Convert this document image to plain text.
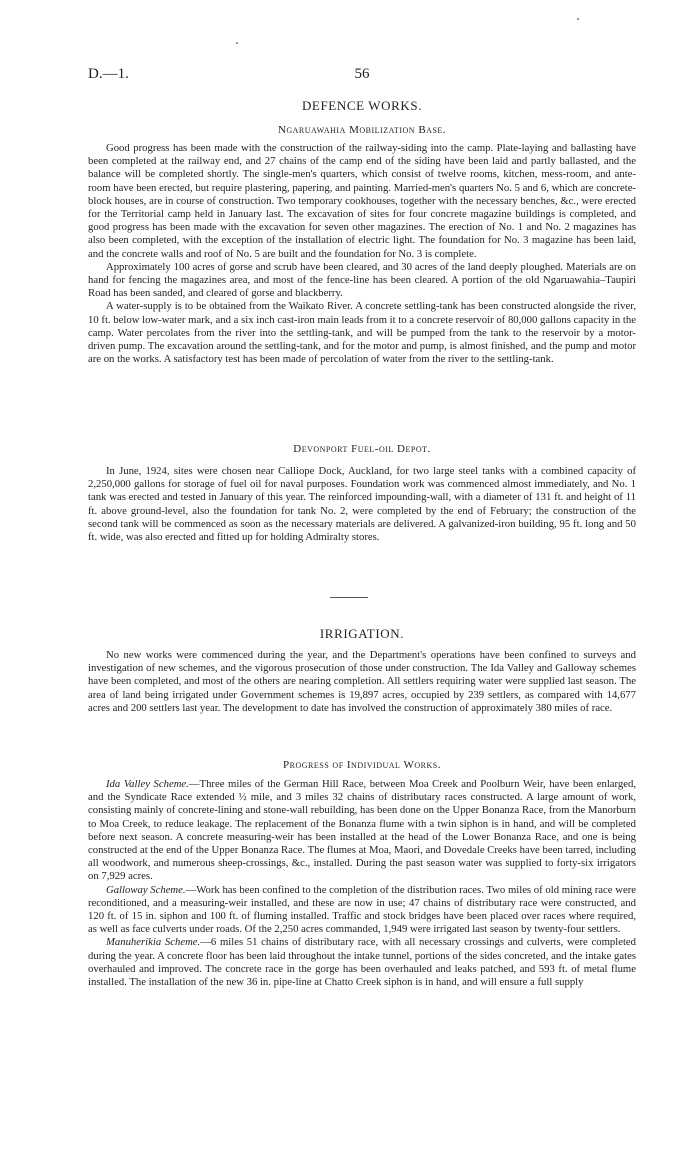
D.—1.	56
DEFENCE WORKS.
Ngaruawahia Mobilization Base.

Good progress has been made with the construction of the railway-siding into the camp. Plate-laying and ballasting have been completed at the railway end, and 27 chains of the camp end of the siding have been laid and partly ballasted, and the balance will be completed shortly. The single-men's quarters, which consist of twelve rooms, kitchen, mess-room, and ante-room have been erected, but require plastering, papering, and painting. Married-men's quarters No. 5 and 6, which are concrete-block houses, are in course of construction. Two temporary cookhouses, together with the necessary benches, &c., were erected for the Territorial camp held in January last. The excavation of sites for four concrete magazine buildings is completed, and good progress has been made with the excavation for seven other magazines. The erection of No. 1 and No. 2 magazines has also been completed, with the exception of the installation of electric light. The foundation for No. 3 magazine has been laid, and the concrete walls and roof of No. 5 are built and the foundation for No. 3 is complete.

Approximately 100 acres of gorse and scrub have been cleared, and 30 acres of the land deeply ploughed. Materials are on hand for fencing the magazines area, and most of the fence-line has been cleared. A portion of the old Ngaruawahia–Taupiri Road has been sanded, and cleared of gorse and blackberry.

A water-supply is to be obtained from the Waikato River. A concrete settling-tank has been constructed alongside the river, 10 ft. below low-water mark, and a six inch cast-iron main leads from it to a concrete reservoir of 80,000 gallons capacity in the camp. Water percolates from the river into the settling-tank, and will be pumped from the tank to the reservoir by a motor-driven pump. The excavation around the settling-tank, and for the motor and pump, is almost finished, and the pump and motor are on the works. A satisfactory test has been made of percolation of water from the river to the settling-tank.

Devonport Fuel-oil Depot.

In June, 1924, sites were chosen near Calliope Dock, Auckland, for two large steel tanks with a combined capacity of 2,250,000 gallons for storage of fuel oil for naval purposes. Foundation work was commenced almost immediately, and No. 1 tank was erected and tested in January of this year. The reinforced impounding-wall, with a diameter of 131 ft. and height of 11 ft. above ground-level, also the foundation for tank No. 2, were completed by the end of February; the construction of the second tank will be commenced as soon as the necessary materials are delivered. A galvanized-iron building, 95 ft. long and 50 ft. wide, was also erected and fitted up for holding Admiralty stores.

IRRIGATION.

No new works were commenced during the year, and the Department's operations have been confined to surveys and investigation of new schemes, and the vigorous prosecution of those under construction. The Ida Valley and Galloway schemes have been completed, and most of the others are nearing completion. All settlers requiring water were supplied last season. The area of land being irrigated under Government schemes is 19,897 acres, occupied by 239 settlers, as compared with 14,677 acres and 200 settlers last year. The development to date has involved the construction of approximately 380 miles of race.

Progress of Individual Works.

Ida Valley Scheme.—Three miles of the German Hill Race, between Moa Creek and Poolburn Weir, have been enlarged, and the Syndicate Race extended ½ mile, and 3 miles 32 chains of distributary races constructed. A large amount of work, consisting mainly of concrete-lining and stone-wall rebuilding, has been done on the Upper Bonanza Race, from the Manorburn to Moa Creek, to reduce leakage. The replacement of the Bonanza flume with a twin siphon is in hand, and will be completed before next season. A concrete measuring-weir has been installed at the head of the Lower Bonanza Race, and one is being constructed at the end of the Upper Bonanza Race. The flumes at Moa, Maori, and Dovedale Creeks have been tarred, including all woodwork, and numerous sheep-crossings, &c., installed. During the past season water was supplied to forty-six irrigators on 7,929 acres.

Galloway Scheme.—Work has been confined to the completion of the distribution races. Two miles of old mining race were reconditioned, and a measuring-weir installed, and these are now in use; 47 chains of distributary race were constructed, and 120 ft. of 15 in. siphon and 100 ft. of fluming installed. Traffic and stock bridges have been placed over races where required, as well as face culverts under roads. Of the 2,250 acres commanded, 1,949 were irrigated last season by twenty-four settlers.

Manuherikia Scheme.—6 miles 51 chains of distributary race, with all necessary crossings and culverts, were completed during the year. A concrete floor has been laid throughout the intake tunnel, portions of the sides concreted, and the intake gates overhauled and improved. The concrete race in the gorge has been overhauled and leaks patched, and 593 ft. of metal flume installed. The installation of the new 36 in. pipe-line at Chatto Creek siphon is in hand, and will ensure a full supply
